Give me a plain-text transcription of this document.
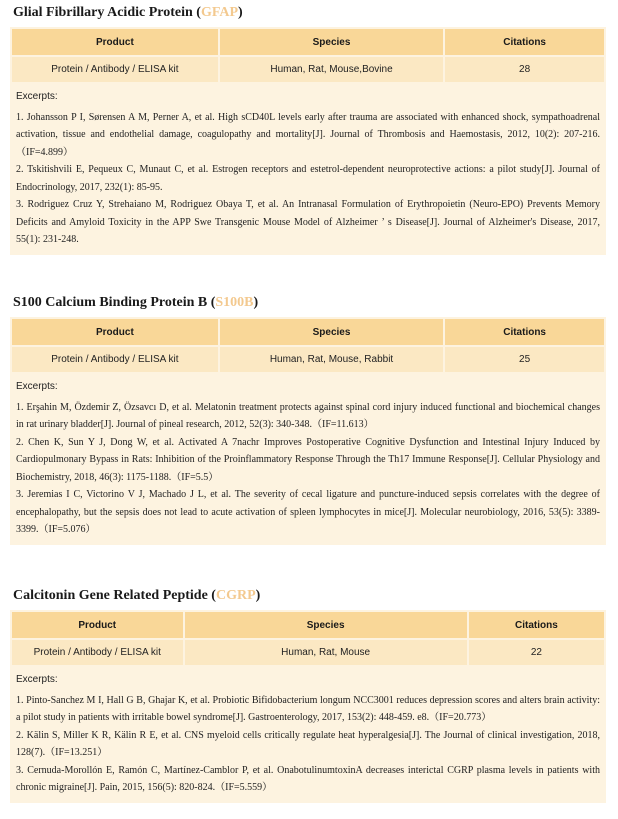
Glial Fibrillary Acidic Protein (GFAP)
Product	Species	Citations
Protein / Antibody / ELISA kit	Human, Rat, Mouse,Bovine	28
Excerpts:

1. Johansson P I, Sørensen A M, Perner A, et al. High sCD40L levels early after trauma are associated with enhanced shock, sympathoadrenal activation, tissue and endothelial damage, coagulopathy and mortality[J]. Journal of Thrombosis and Haemostasis, 2012, 10(2): 207-216.（IF=4.899）

2. Tskitishvili E, Pequeux C, Munaut C, et al. Estrogen receptors and estetrol-dependent neuroprotective actions: a pilot study[J]. Journal of Endocrinology, 2017, 232(1): 85-95.

3. Rodriguez Cruz Y, Strehaiano M, Rodriguez Obaya T, et al. An Intranasal Formulation of Erythropoietin (Neuro-EPO) Prevents Memory Deficits and Amyloid Toxicity in the APP Swe Transgenic Mouse Model of Alzheimer ’ s Disease[J]. Journal of Alzheimer's Disease, 2017, 55(1): 231-248.

S100 Calcium Binding Protein B (S100B)
Product	Species	Citations
Protein / Antibody / ELISA kit	Human, Rat, Mouse, Rabbit	25
Excerpts:

1. Erşahin M, Özdemir Z, Özsavcı D, et al. Melatonin treatment protects against spinal cord injury induced functional and biochemical changes in rat urinary bladder[J]. Journal of pineal research, 2012, 52(3): 340-348.（IF=11.613）

2. Chen K, Sun Y J, Dong W, et al. Activated A 7nachr Improves Postoperative Cognitive Dysfunction and Intestinal Injury Induced by Cardiopulmonary Bypass in Rats: Inhibition of the Proinflammatory Response Through the Th17 Immune Response[J]. Cellular Physiology and Biochemistry, 2018, 46(3): 1175-1188.（IF=5.5）

3. Jeremias I C, Victorino V J, Machado J L, et al. The severity of cecal ligature and puncture-induced sepsis correlates with the degree of encephalopathy, but the sepsis does not lead to acute activation of spleen lymphocytes in mice[J]. Molecular neurobiology, 2016, 53(5): 3389-3399.（IF=5.076）

Calcitonin Gene Related Peptide (CGRP)
Product	Species	Citations
Protein / Antibody / ELISA kit	Human, Rat, Mouse	22
Excerpts:

1. Pinto-Sanchez M I, Hall G B, Ghajar K, et al. Probiotic Bifidobacterium longum NCC3001 reduces depression scores and alters brain activity: a pilot study in patients with irritable bowel syndrome[J]. Gastroenterology, 2017, 153(2): 448-459. e8.（IF=20.773）

2. Kälin S, Miller K R, Kälin R E, et al. CNS myeloid cells critically regulate heat hyperalgesia[J]. The Journal of clinical investigation, 2018, 128(7).（IF=13.251）

3. Cernuda-Morollón E, Ramón C, Martínez-Camblor P, et al. OnabotulinumtoxinA decreases interictal CGRP plasma levels in patients with chronic migraine[J]. Pain, 2015, 156(5): 820-824.（IF=5.559）
